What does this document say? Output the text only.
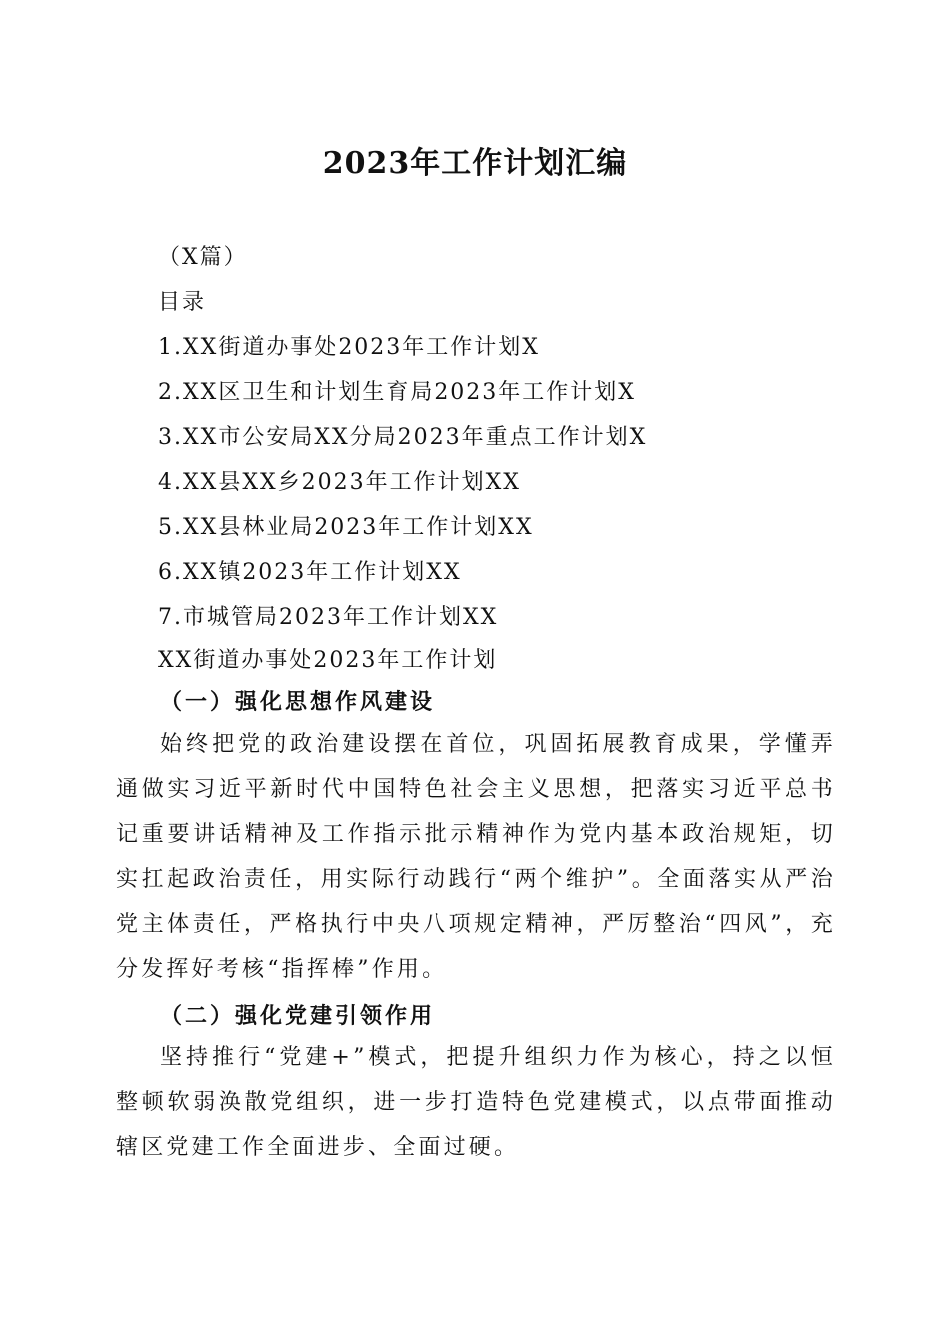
2023年工作计划汇编
（X篇）
目录
1.XX街道办事处2023年工作计划X
2.XX区卫生和计划生育局2023年工作计划X
3.XX市公安局XX分局2023年重点工作计划X
4.XX县XX乡2023年工作计划XX
5.XX县林业局2023年工作计划XX
6.XX镇2023年工作计划XX
7.市城管局2023年工作计划XX
XX街道办事处2023年工作计划
（一）强化思想作风建设
始终把党的政治建设摆在首位，巩固拓展教育成果，学懂弄通做实习近平新时代中国特色社会主义思想，把落实习近平总书记重要讲话精神及工作指示批示精神作为党内基本政治规矩，切实扛起政治责任，用实际行动践行“两个维护”。全面落实从严治党主体责任，严格执行中央八项规定精神，严厉整治“四风”，充分发挥好考核“指挥棒”作用。
（二）强化党建引领作用
坚持推行“党建+”模式，把提升组织力作为核心，持之以恒整顿软弱涣散党组织，进一步打造特色党建模式，以点带面推动辖区党建工作全面进步、全面过硬。
